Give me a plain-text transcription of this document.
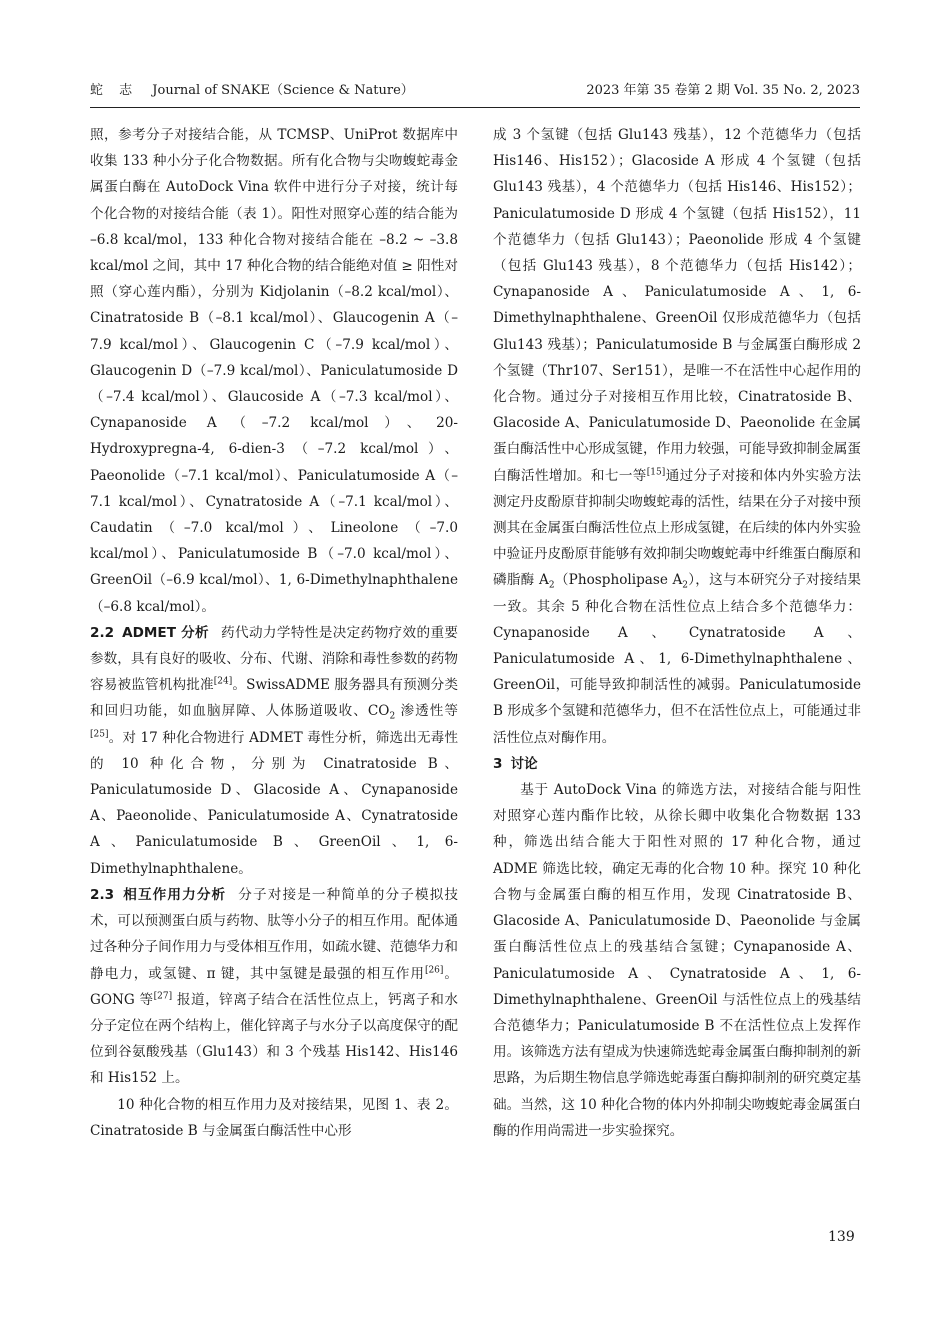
蛇 志 Journal of SNAKE（Science & Nature）	2023 年第 35 卷第 2 期 Vol. 35 No. 2, 2023

照，参考分子对接结合能，从 TCMSP、UniProt 数据库中收集 133 种小分子化合物数据。所有化合物与尖吻蝮蛇毒金属蛋白酶在 AutoDock Vina 软件中进行分子对接，统计每个化合物的对接结合能（表 1）。阳性对照穿心莲的结合能为 –6.8 kcal/mol，133 种化合物对接结合能在 –8.2 ~ –3.8 kcal/mol 之间，其中 17 种化合物的结合能绝对值 ≥ 阳性对照（穿心莲内酯），分别为 Kidjolanin（–8.2 kcal/mol）、Cinatratoside B（–8.1 kcal/mol）、Glaucogenin A（–7.9 kcal/mol）、Glaucogenin C（–7.9 kcal/mol）、Glaucogenin D（–7.9 kcal/mol）、Paniculatumoside D（–7.4 kcal/mol）、Glaucoside A（–7.3 kcal/mol）、Cynapanoside A（–7.2 kcal/mol）、20-Hydroxypregna-4, 6-dien-3（–7.2 kcal/mol）、Paeonolide（–7.1 kcal/mol）、Paniculatumoside A（–7.1 kcal/mol）、Cynatratoside A（–7.1 kcal/mol）、Caudatin（–7.0 kcal/mol）、Lineolone（–7.0 kcal/mol）、Paniculatumoside B（–7.0 kcal/mol）、GreenOil（–6.9 kcal/mol）、1, 6-Dimethylnaphthalene（–6.8 kcal/mol）。

2.2 ADMET 分析 药代动力学特性是决定药物疗效的重要参数，具有良好的吸收、分布、代谢、消除和毒性参数的药物容易被监管机构批准[24]。SwissADME 服务器具有预测分类和回归功能，如血脑屏障、人体肠道吸收、$CO_2$ 渗透性等[25]。对 17 种化合物进行 ADMET 毒性分析，筛选出无毒性的 10 种化合物，分别为 Cinatratoside B、Paniculatumoside D、Glacoside A、Cynapanoside A、Paeonolide、Paniculatumoside A、Cynatratoside A、Paniculatumoside B、GreenOil、1, 6-Dimethylnaphthalene。

2.3 相互作用力分析 分子对接是一种简单的分子模拟技术，可以预测蛋白质与药物、肽等小分子的相互作用。配体通过各种分子间作用力与受体相互作用，如疏水键、范德华力和静电力，或氢键、π 键，其中氢键是最强的相互作用[26]。GONG 等[27] 报道，锌离子结合在活性位点上，钙离子和水分子定位在两个结构上，催化锌离子与水分子以高度保守的配位到谷氨酸残基（Glu143）和 3 个残基 His142、His146 和 His152 上。

10 种化合物的相互作用力及对接结果，见图 1、表 2。Cinatratoside B 与金属蛋白酶活性中心形

成 3 个氢键（包括 Glu143 残基），12 个范德华力（包括 His146、His152）；Glacoside A 形成 4 个氢键（包括 Glu143 残基），4 个范德华力（包括 His146、His152）；Paniculatumoside D 形成 4 个氢键（包括 His152），11 个范德华力（包括 Glu143）；Paeonolide 形成 4 个氢键（包括 Glu143 残基），8 个范德华力（包括 His142）；Cynapanoside A、Paniculatumoside A、1, 6-Dimethylnaphthalene、GreenOil 仅形成范德华力（包括 Glu143 残基）；Paniculatumoside B 与金属蛋白酶形成 2 个氢键（Thr107、Ser151），是唯一不在活性中心起作用的化合物。通过分子对接相互作用比较，Cinatratoside B、Glacoside A、Paniculatumoside D、Paeonolide 在金属蛋白酶活性中心形成氢键，作用力较强，可能导致抑制金属蛋白酶活性增加。和七一等[15]通过分子对接和体内外实验方法测定丹皮酚原苷抑制尖吻蝮蛇毒的活性，结果在分子对接中预测其在金属蛋白酶活性位点上形成氢键，在后续的体内外实验中验证丹皮酚原苷能够有效抑制尖吻蝮蛇毒中纤维蛋白酶原和磷脂酶 $A_2(Phospholipase$ $A_2$），这与本研究分子对接结果一致。其余 5 种化合物在活性位点上结合多个范德华力：Cynapanoside A、Cynatratoside A、Paniculatumoside A、1, 6-Dimethylnaphthalene、GreenOil，可能导致抑制活性的减弱。Paniculatumoside B 形成多个氢键和范德华力，但不在活性位点上，可能通过非活性位点对酶作用。

3 讨论

基于 AutoDock Vina 的筛选方法，对接结合能与阳性对照穿心莲内酯作比较，从徐长卿中收集化合物数据 133 种，筛选出结合能大于阳性对照的 17 种化合物，通过 ADME 筛选比较，确定无毒的化合物 10 种。探究 10 种化合物与金属蛋白酶的相互作用，发现 Cinatratoside B、Glacoside A、Paniculatumoside D、Paeonolide 与金属蛋白酶活性位点上的残基结合氢键；Cynapanoside A、Paniculatumoside A、Cynatratoside A、1, 6-Dimethylnaphthalene、GreenOil 与活性位点上的残基结合范德华力；Paniculatumoside B 不在活性位点上发挥作用。该筛选方法有望成为快速筛选蛇毒金属蛋白酶抑制剂的新思路，为后期生物信息学筛选蛇毒蛋白酶抑制剂的研究奠定基础。当然，这 10 种化合物的体内外抑制尖吻蝮蛇毒金属蛋白酶的作用尚需进一步实验探究。

139
